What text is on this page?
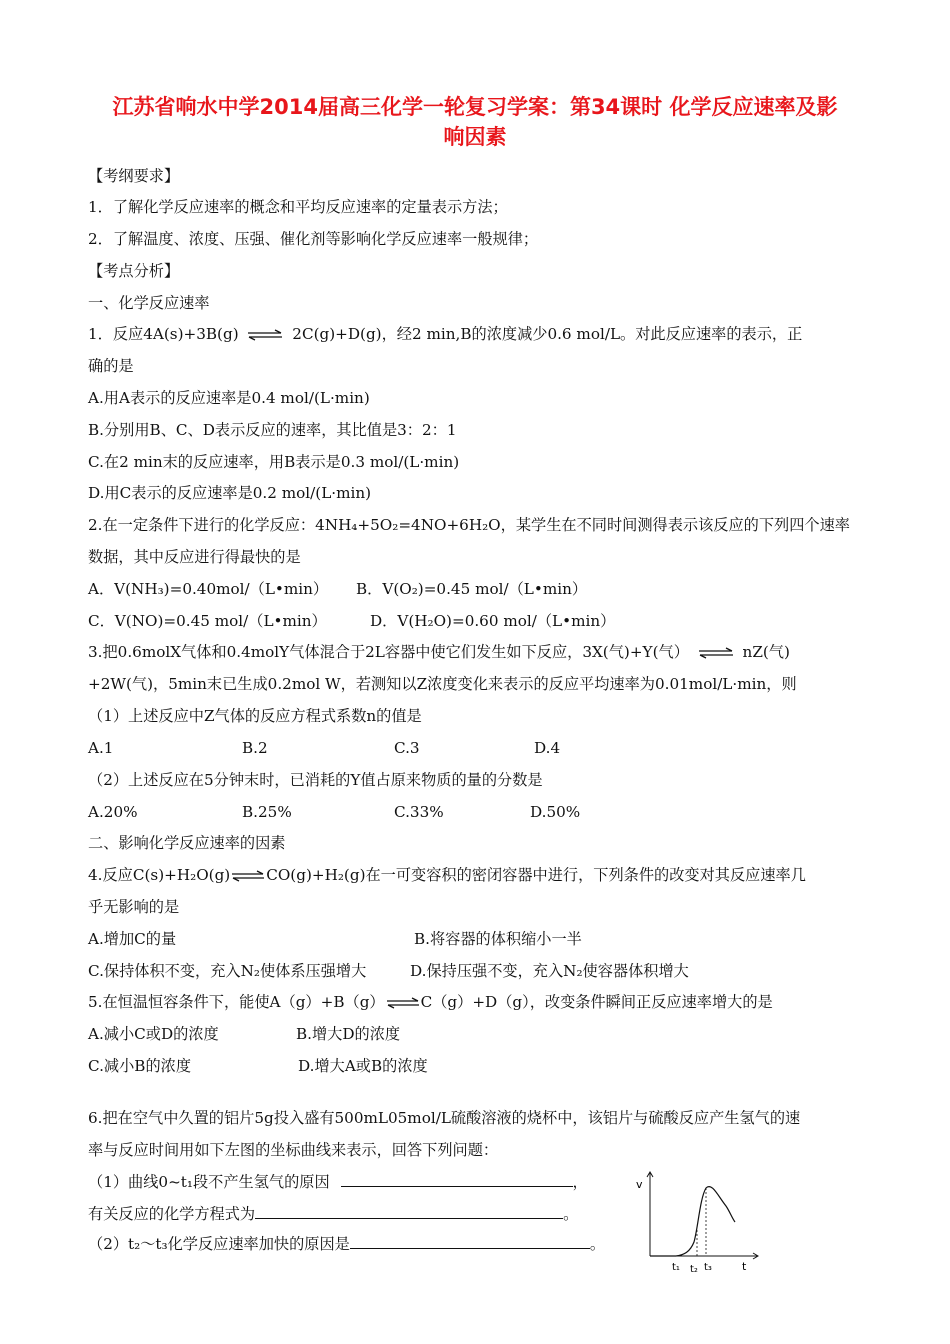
江苏省响水中学2014届高三化学一轮复习学案：第34课时 化学反应速率及影
响因素
【考纲要求】
1．了解化学反应速率的概念和平均反应速率的定量表示方法；
2．了解温度、浓度、压强、催化剂等影响化学反应速率一般规律；
【考点分析】
一、化学反应速率
1．反应4A(s)+3B(g) ⇌ 2C(g)+D(g)，经2 min,B的浓度减少0.6 mol/L。对此反应速率的表示，正
确的是
A.用A表示的反应速率是0.4 mol/(L·min)
B.分别用B、C、D表示反应的速率，其比值是3：2：1
C.在2 min末的反应速率，用B表示是0.3 mol/(L·min)
D.用C表示的反应速率是0.2 mol/(L·min)
2.在一定条件下进行的化学反应：4NH₄+5O₂=4NO+6H₂O，某学生在不同时间测得表示该反应的下列四个速率
数据，其中反应进行得最快的是
A．V(NH₃)=0.40mol/（L•min） B．V(O₂)=0.45 mol/（L•min）
C．V(NO)=0.45 mol/（L•min）	D．V(H₂O)=0.60 mol/（L•min）
3.把0.6molX气体和0.4molY气体混合于2L容器中使它们发生如下反应，3X(气)+Y(气） ⇌ nZ(气)
+2W(气)，5min末已生成0.2mol W，若测知以Z浓度变化来表示的反应平均速率为0.01mol/L·min，则
（1）上述反应中Z气体的反应方程式系数n的值是
A.1	B.2	C.3	D.4
（2）上述反应在5分钟末时，已消耗的Y值占原来物质的量的分数是
A.20%	B.25%	C.33%	D.50%
二、影响化学反应速率的因素
4.反应C(s)+H₂O(g)⇌CO(g)+H₂(g)在一可变容积的密闭容器中进行，下列条件的改变对其反应速率几
乎无影响的是
A.增加C的量	B.将容器的体积缩小一半
C.保持体积不变，充入N₂使体系压强增大	D.保持压强不变，充入N₂使容器体积增大
5.在恒温恒容条件下，能使A（g）+B（g）⇌C（g）+D（g），改变条件瞬间正反应速率增大的是
A.减小C或D的浓度	B.增大D的浓度
C.减小B的浓度	D.增大A或B的浓度
6.把在空气中久置的铝片5g投入盛有500mL05mol/L硫酸溶液的烧杯中，该铝片与硫酸反应产生氢气的速
率与反应时间用如下左图的坐标曲线来表示，回答下列问题：
（1）曲线0~t₁段不产生氢气的原因	，
有关反应的化学方程式为	。
（2）t₂～t₃化学反应速率加快的原因是	。
v
t
t₁ t₂ t₃
